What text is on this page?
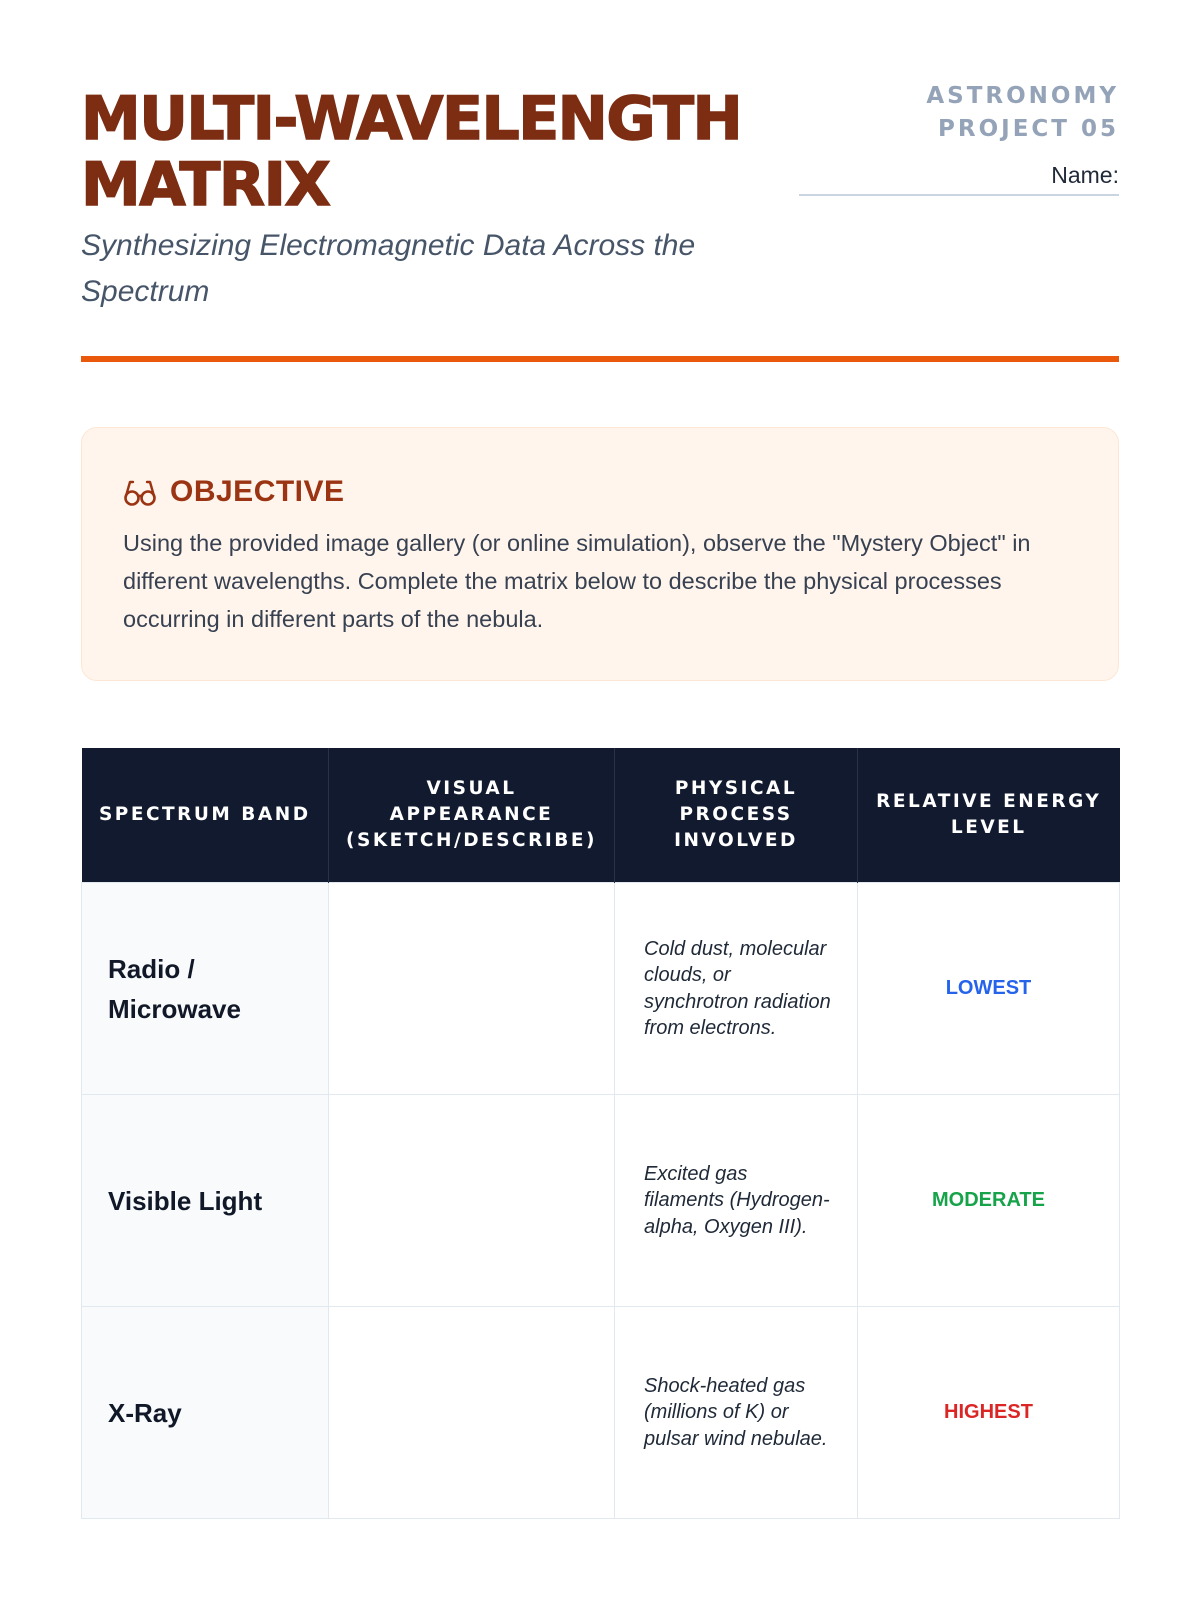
MULTI-WAVELENGTH MATRIX

Synthesizing Electromagnetic Data Across the Spectrum

ASTRONOMY PROJECT 05
Name:
OBJECTIVE

Using the provided image gallery (or online simulation), observe the "Mystery Object" in different wavelengths. Complete the matrix below to describe the physical processes occurring in different parts of the nebula.

SPECTRUM BAND	VISUAL APPEARANCE (SKETCH/DESCRIBE)	PHYSICAL PROCESS INVOLVED	RELATIVE ENERGY LEVEL
Radio / Microwave		Cold dust, molecular clouds, or synchrotron radiation from electrons.	LOWEST
Visible Light		Excited gas filaments (Hydrogen-alpha, Oxygen III).	MODERATE
X-Ray		Shock-heated gas (millions of K) or pulsar wind nebulae.	HIGHEST
